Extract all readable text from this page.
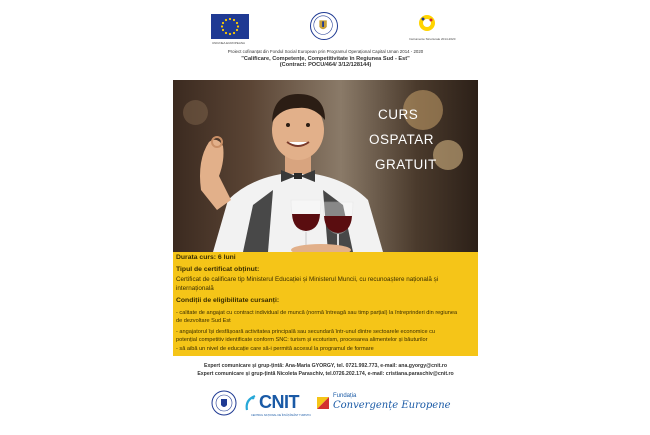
UNIUNEA EUROPEANA
Instrumente Structurale 2014-2020
Proiect cofinanțat din Fondul Social European prin Programul Operațional Capital Uman 2014 - 2020
"Calificare, Competențe, Competitivitate în Regiunea Sud - Est"
(Contract: POCU/464/ 3/12/128144)
CURS
OSPATAR
GRATUIT
Durata curs: 6 luni
Tipul de certificat obținut:
Certificat de calificare tip Ministerul Educației și Ministerul Muncii, cu recunoaștere națională și
internațională
Condiții de eligibilitate cursanți:
- calitate de angajat cu contract individual de muncă (normă întreagă sau timp parțial) la întreprinderi din regiunea
de dezvoltare Sud Est
- angajatorul își desfășoară activitatea principală sau secundară într-unul dintre sectoarele economice cu
potențial competitiv identificate conform SNC: turism și ecoturism, procesarea alimentelor și băuturilor
- să aibă un nivel de educație care să-i permită accesul la programul de formare
Expert comunicare și grup-țintă: Ana-Maria GYORGY, tel. 0721.992.773, e-mail: ana.gyorgy@cnit.ro
Expert comunicare și grup-țintă Nicoleta Paraschiv, tel.0726.202.174, e-mail: cristiana.paraschiv@cnit.ro
CNIT
CENTRUL NAȚIONAL DE ÎNVĂȚĂMÂNT TURISTIC
Fundația
Convergențe Europene
